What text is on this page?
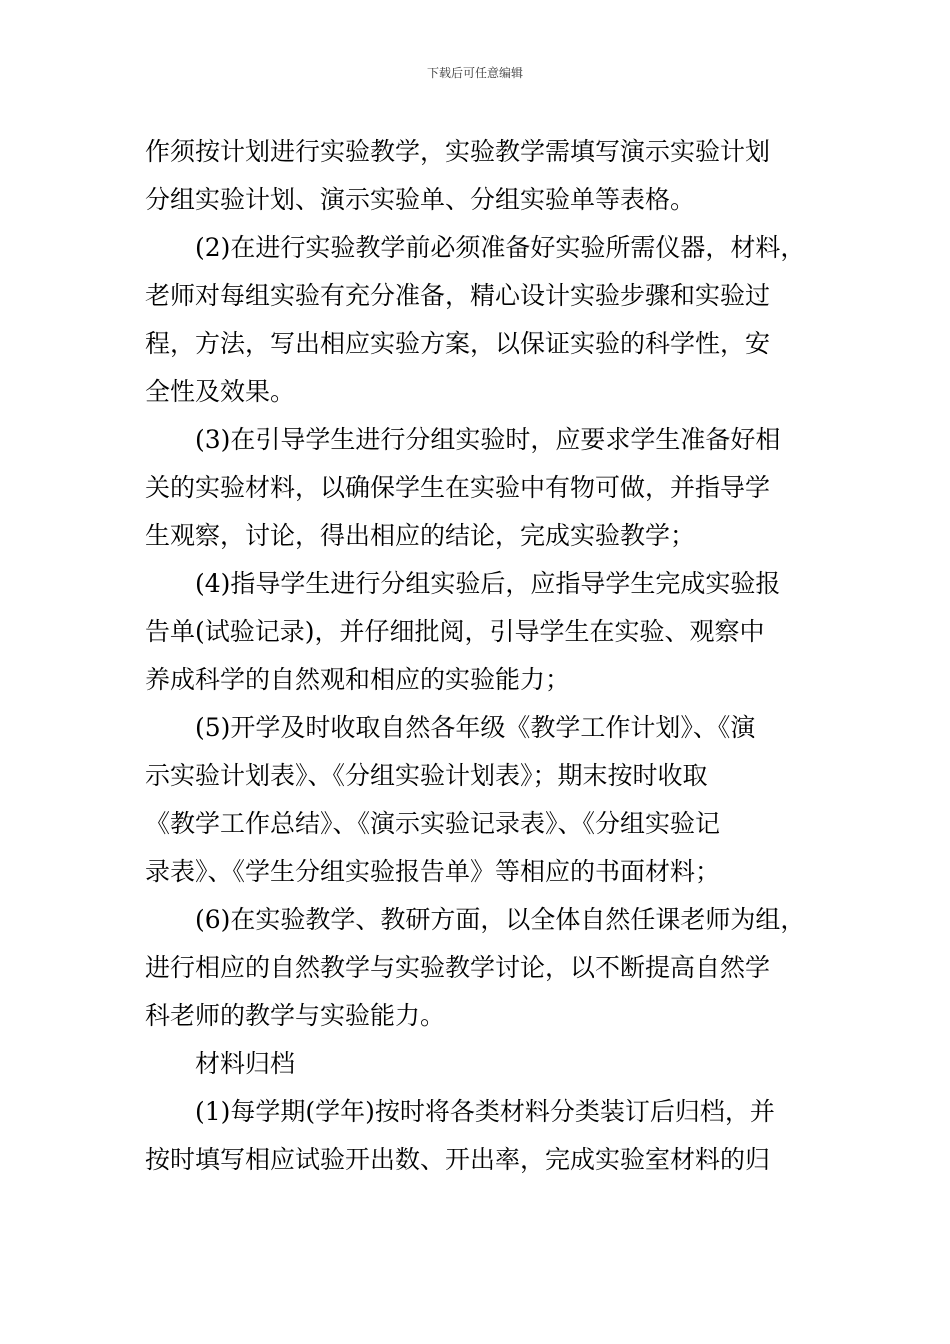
下载后可任意编辑
作须按计划进行实验教学，实验教学需填写演示实验计划
分组实验计划、演示实验单、分组实验单等表格。
(2)在进行实验教学前必须准备好实验所需仪器，材料，
老师对每组实验有充分准备，精心设计实验步骤和实验过
程，方法，写出相应实验方案，以保证实验的科学性，安
全性及效果。
(3)在引导学生进行分组实验时，应要求学生准备好相
关的实验材料，以确保学生在实验中有物可做，并指导学
生观察，讨论，得出相应的结论，完成实验教学；
(4)指导学生进行分组实验后，应指导学生完成实验报
告单(试验记录)，并仔细批阅，引导学生在实验、观察中
养成科学的自然观和相应的实验能力；
(5)开学及时收取自然各年级《教学工作计划》、《演
示实验计划表》、《分组实验计划表》；期末按时收取
《教学工作总结》、《演示实验记录表》、《分组实验记
录表》、《学生分组实验报告单》等相应的书面材料；
(6)在实验教学、教研方面，以全体自然任课老师为组，
进行相应的自然教学与实验教学讨论，以不断提高自然学
科老师的教学与实验能力。
材料归档
(1)每学期(学年)按时将各类材料分类装订后归档，并
按时填写相应试验开出数、开出率，完成实验室材料的归
